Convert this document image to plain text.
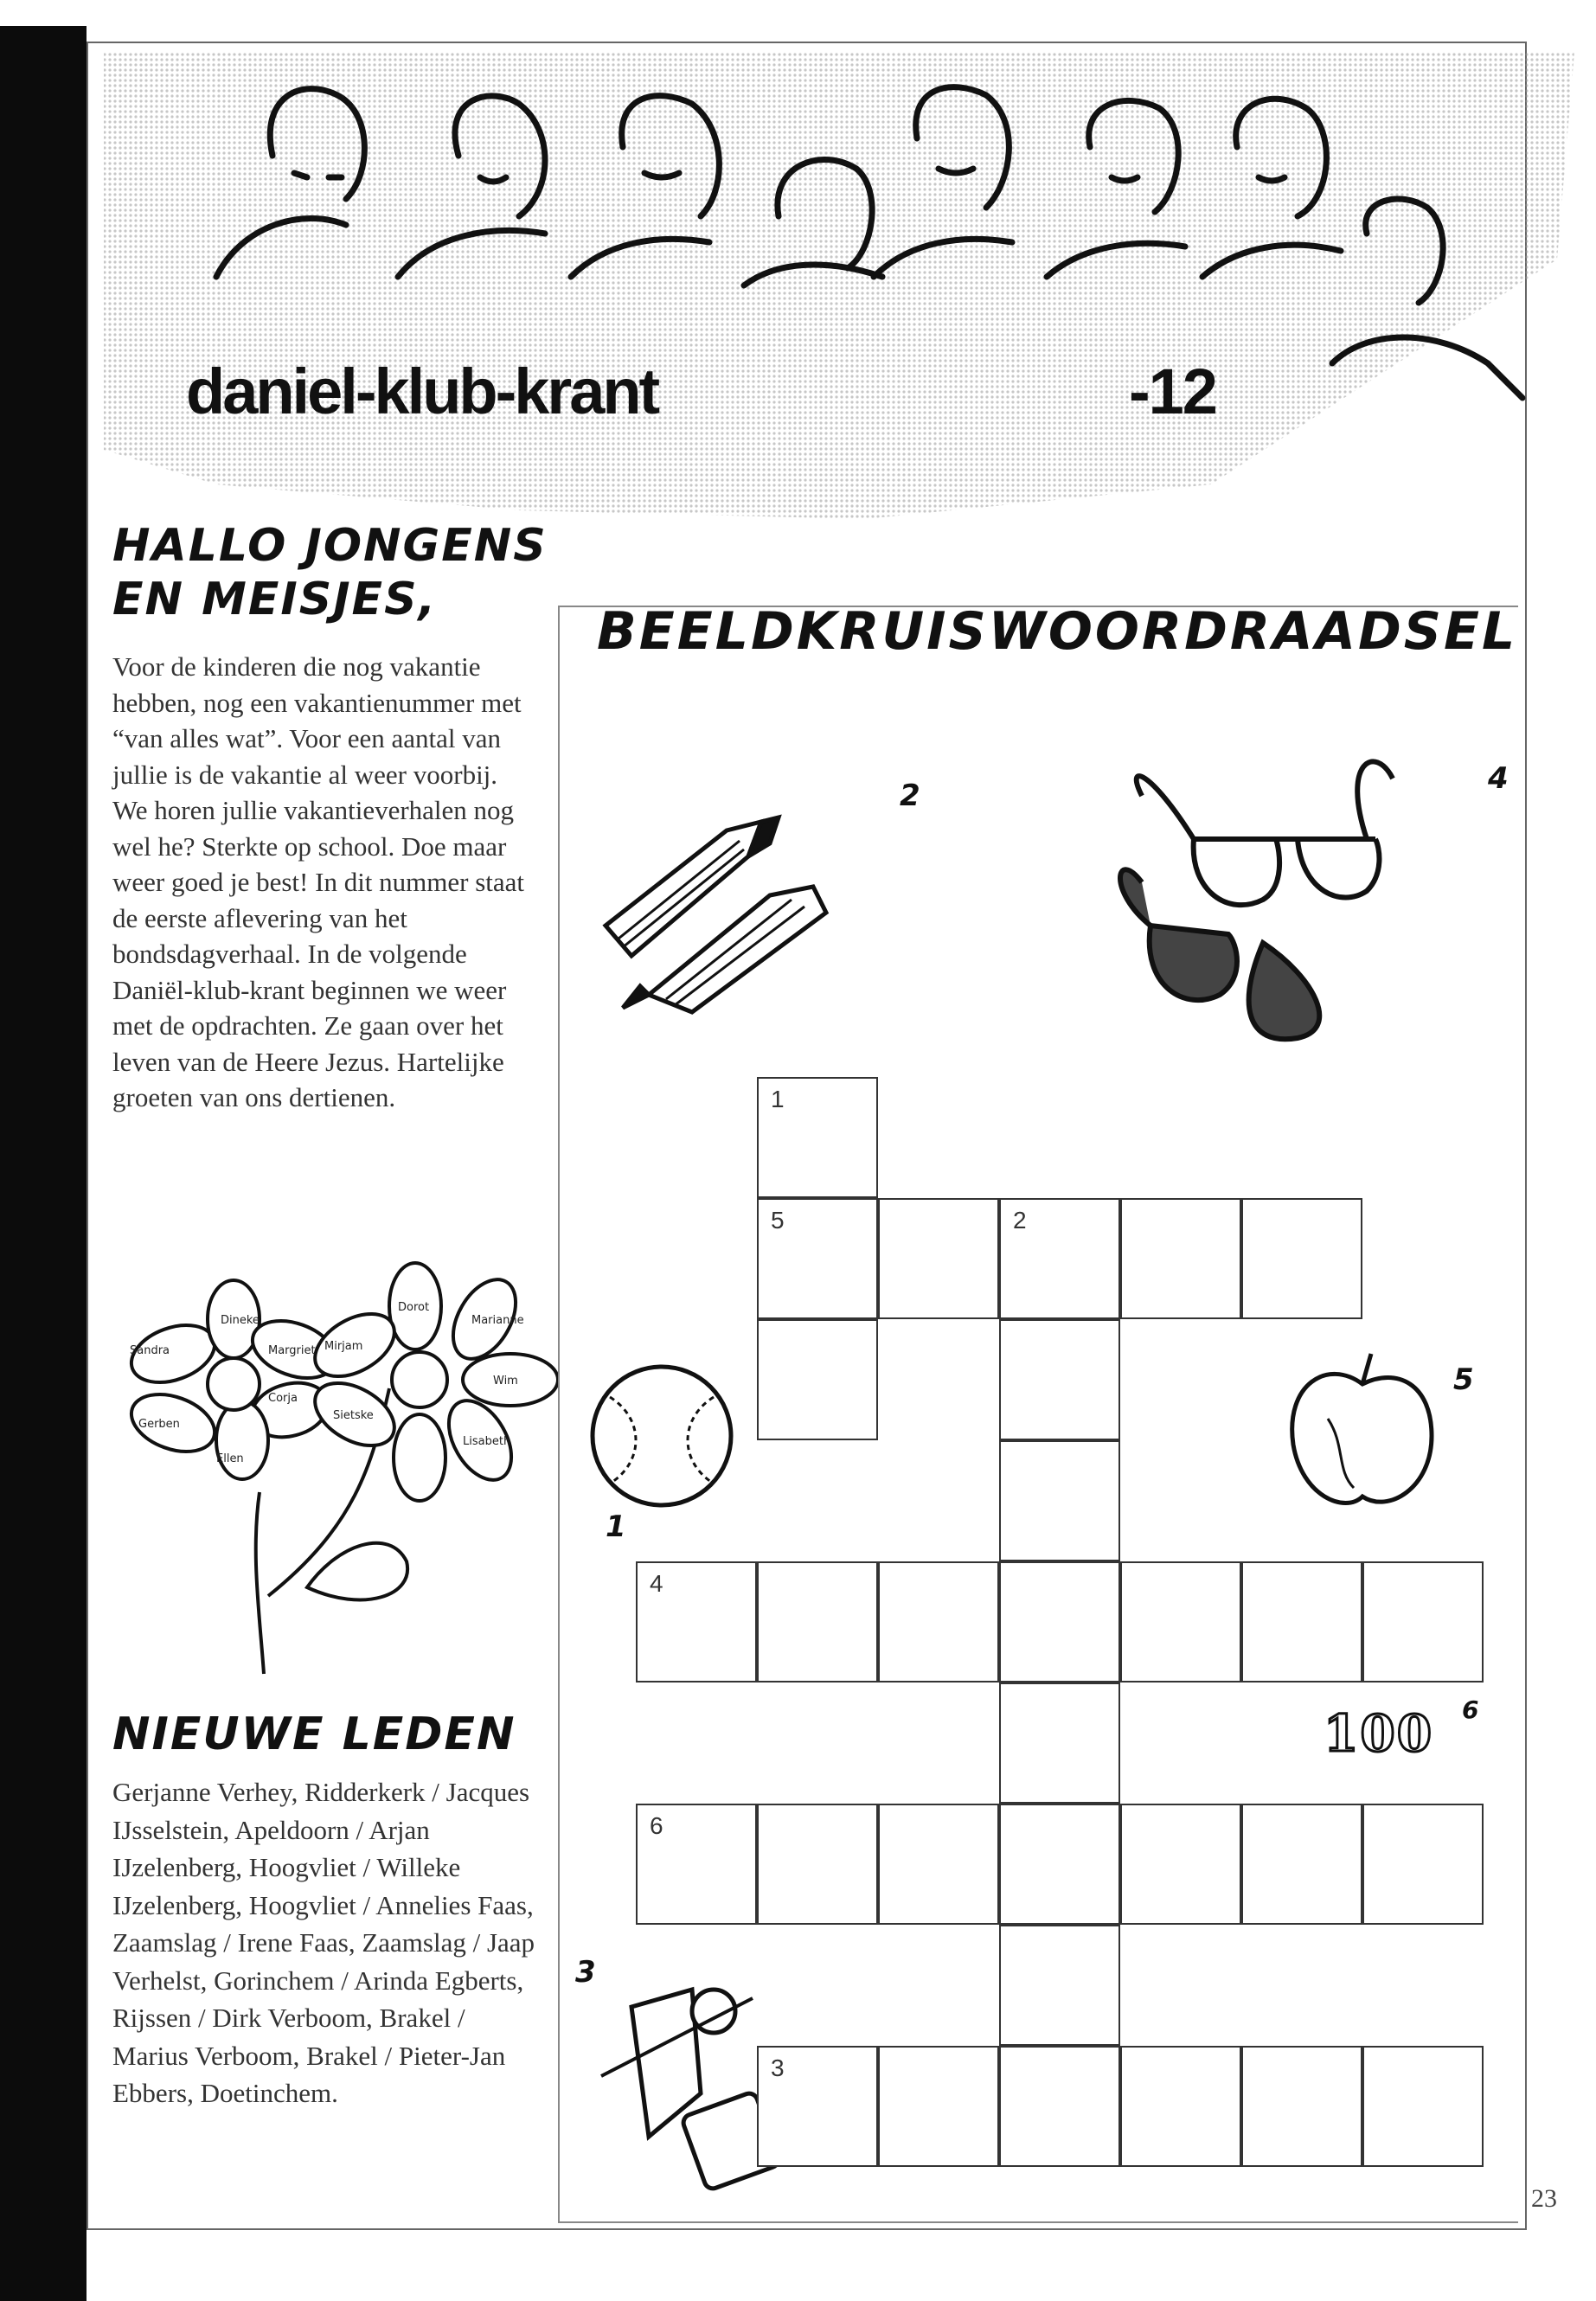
daniel-klub-krant	-12
HALLO JONGENS EN MEISJES,
Voor de kinderen die nog vakantie hebben, nog een vakantienummer met “van alles wat”. Voor een aantal van jullie is de vakantie al weer voorbij. We horen jullie vakantieverhalen nog wel he? Sterkte op school. Doe maar weer goed je best! In dit nummer staat de eerste aflevering van het bondsdagverhaal. In de volgende Daniël-klub-krant beginnen we weer met de opdrachten. Ze gaan over het leven van de Heere Jezus. Hartelijke groeten van ons dertienen.
Sandra
Ellen
Corja
Gerben
Dineke
Margriet Mirjam
Dorot
Marianne
Wim
Lisabeth
Sietske
NIEUWE LEDEN
Gerjanne Verhey, Ridderkerk / Jacques IJsselstein, Apeldoorn / Arjan IJzelenberg, Hoogvliet / Willeke IJzelenberg, Hoogvliet / Annelies Faas, Zaamslag / Irene Faas, Zaamslag / Jaap Verhelst, Gorinchem / Arinda Egberts, Rijssen / Dirk Verboom, Brakel / Marius Verboom, Brakel / Pieter-Jan Ebbers, Doetinchem.
BEELDKRUISWOORDRAADSEL
2	4
1
5
100 6
3
1
5	2
4
6
3
23
